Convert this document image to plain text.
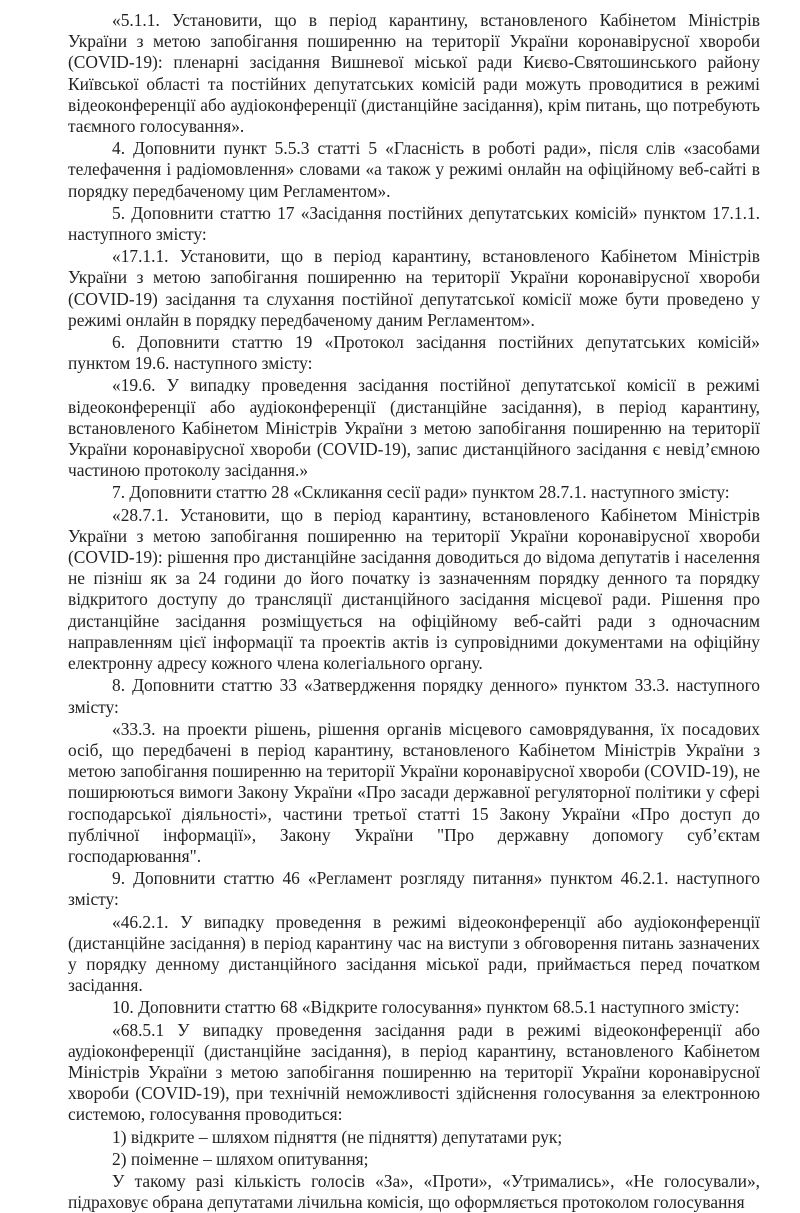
«5.1.1. Установити, що в період карантину, встановленого Кабінетом Міністрів України з метою запобігання поширенню на території України коронавірусної хвороби (COVID-19): пленарні засідання Вишневої міської ради Києво-Святошинського району Київської області та постійних депутатських комісій ради можуть проводитися в режимі відеоконференції або аудіоконференції (дистанційне засідання), крім питань, що потребують таємного голосування».

4. Доповнити пункт 5.5.3 статті 5 «Гласність в роботі ради», після слів «засобами телефачення і радіомовлення» словами «а також у режимі онлайн на офіційному веб-сайті в порядку передбаченому цим Регламентом».

5. Доповнити статтю 17 «Засідання постійних депутатських комісій» пунктом 17.1.1. наступного змісту:

«17.1.1. Установити, що в період карантину, встановленого Кабінетом Міністрів України з метою запобігання поширенню на території України коронавірусної хвороби (COVID-19) засідання та слухання постійної депутатської комісії може бути проведено у режимі онлайн в порядку передбаченому даним Регламентом».

6. Доповнити статтю 19 «Протокол засідання постійних депутатських комісій» пунктом 19.6. наступного змісту:

«19.6. У випадку проведення засідання постійної депутатської комісії в режимі відеоконференції або аудіоконференції (дистанційне засідання), в період карантину, встановленого Кабінетом Міністрів України з метою запобігання поширенню на території України коронавірусної хвороби (COVID-19), запис дистанційного засідання є невід’ємною частиною протоколу засідання.»

7. Доповнити статтю 28 «Скликання сесії ради» пунктом 28.7.1. наступного змісту:

«28.7.1. Установити, що в період карантину, встановленого Кабінетом Міністрів України з метою запобігання поширенню на території України коронавірусної хвороби (COVID-19): рішення про дистанційне засідання доводиться до відома депутатів і населення не пізніш як за 24 години до його початку із зазначенням порядку денного та порядку відкритого доступу до трансляції дистанційного засідання місцевої ради. Рішення про дистанційне засідання розміщується на офіційному веб-сайті ради з одночасним направленням цієї інформації та проектів актів із супровідними документами на офіційну електронну адресу кожного члена колегіального органу.

8. Доповнити статтю 33 «Затвердження порядку денного» пунктом 33.3. наступного змісту:

«33.3. на проекти рішень, рішення органів місцевого самоврядування, їх посадових осіб, що передбачені в період карантину, встановленого Кабінетом Міністрів України з метою запобігання поширенню на території України коронавірусної хвороби (COVID-19), не поширюються вимоги Закону України «Про засади державної регуляторної політики у сфері господарської діяльності», частини третьої статті 15 Закону України «Про доступ до публічної інформації», Закону України "Про державну допомогу суб’єктам господарювання".

9. Доповнити статтю 46 «Регламент розгляду питання» пунктом 46.2.1. наступного змісту:

«46.2.1. У випадку проведення в режимі відеоконференції або аудіоконференції (дистанційне засідання) в період карантину час на виступи з обговорення питань зазначених у порядку денному дистанційного засідання міської ради, приймається перед початком засідання.

10. Доповнити статтю 68 «Відкрите голосування» пунктом 68.5.1 наступного змісту:

«68.5.1 У випадку проведення засідання ради в режимі відеоконференції або аудіоконференції (дистанційне засідання), в період карантину, встановленого Кабінетом Міністрів України з метою запобігання поширенню на території України коронавірусної хвороби (COVID-19), при технічній неможливості здійснення голосування за електронною системою, голосування проводиться:

1) відкрите – шляхом підняття (не підняття) депутатами рук;

2) поіменне – шляхом опитування;

У такому разі кількість голосів «За», «Проти», «Утримались», «Не голосували», підраховує обрана депутатами лічильна комісія, що оформляється протоколом голосування
